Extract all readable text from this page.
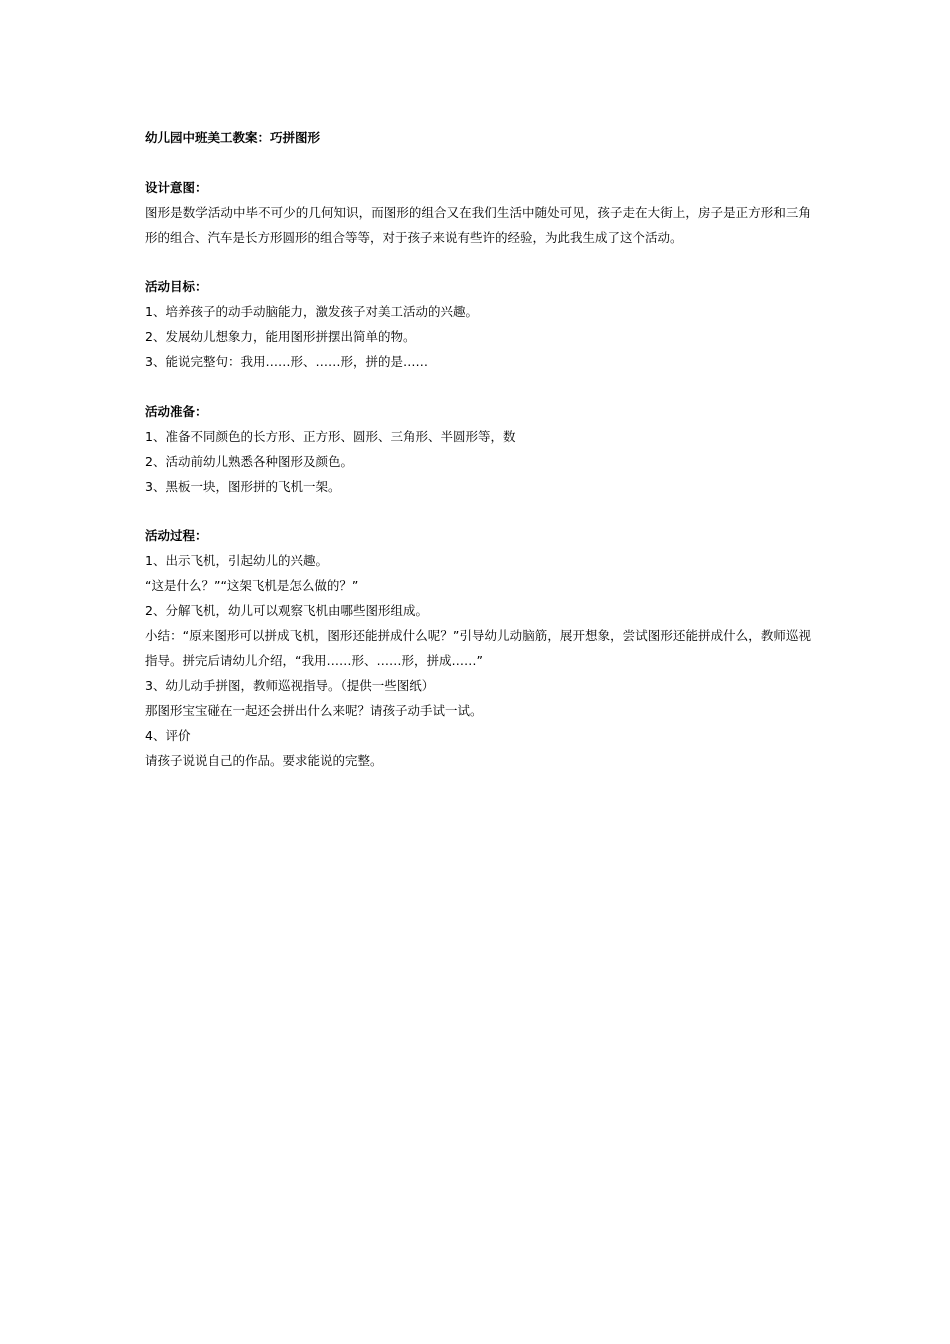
幼儿园中班美工教案：巧拼图形
设计意图：
图形是数学活动中毕不可少的几何知识，而图形的组合又在我们生活中随处可见，孩子走在大街上，房子是正方形和三角形的组合、汽车是长方形圆形的组合等等，对于孩子来说有些许的经验，为此我生成了这个活动。
活动目标：
1、培养孩子的动手动脑能力，激发孩子对美工活动的兴趣。
2、发展幼儿想象力，能用图形拼摆出简单的物。
3、能说完整句：我用……形、……形，拼的是……
活动准备：
1、准备不同颜色的长方形、正方形、圆形、三角形、半圆形等，数
2、活动前幼儿熟悉各种图形及颜色。
3、黑板一块，图形拼的飞机一架。
活动过程：
1、出示飞机，引起幼儿的兴趣。
“这是什么？”“这架飞机是怎么做的？”
2、分解飞机，幼儿可以观察飞机由哪些图形组成。
小结：“原来图形可以拼成飞机，图形还能拼成什么呢？”引导幼儿动脑筋，展开想象，尝试图形还能拼成什么，教师巡视指导。拼完后请幼儿介绍，“我用……形、……形，拼成……”
3、幼儿动手拼图，教师巡视指导。（提供一些图纸）
那图形宝宝碰在一起还会拼出什么来呢？请孩子动手试一试。
4、评价
请孩子说说自己的作品。要求能说的完整。
